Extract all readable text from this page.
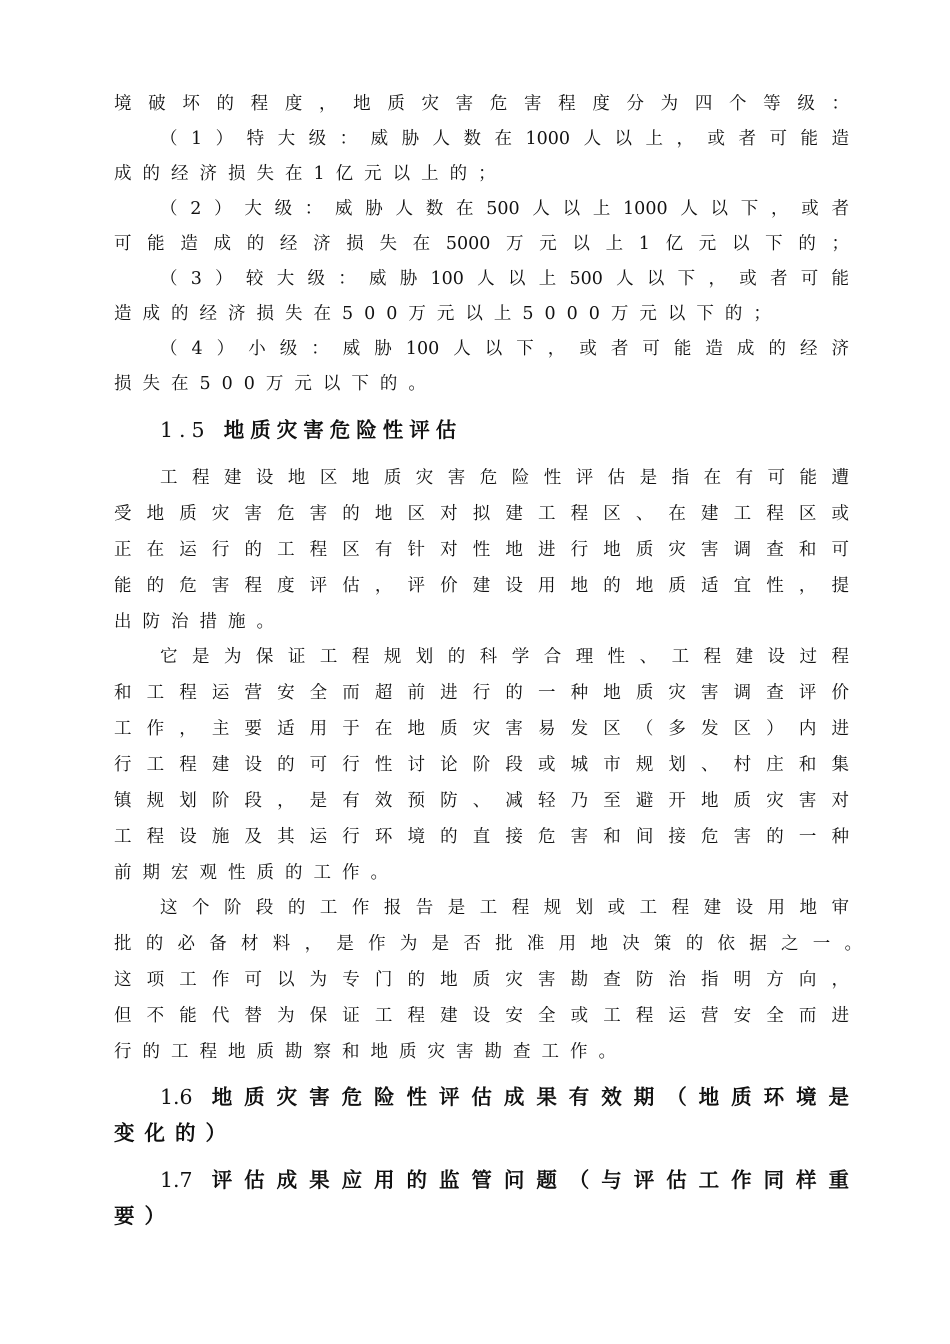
境破坏的程度，地质灾害危害程度分为四个等级：
（1）特大级：威胁人数在1000人以上，或者可能造
成的经济损失在1亿元以上的；
（2）大级：威胁人数在500人以上1000人以下，或者
可能造成的经济损失在5000万元以上1亿元以下的；
（3）较大级：威胁100人以上500人以下，或者可能
造成的经济损失在500万元以上5000万元以下的；
（4）小级：威胁100人以下，或者可能造成的经济
损失在500万元以下的。
1.5 地质灾害危险性评估
工程建设地区地质灾害危险性评估是指在有可能遭
受地质灾害危害的地区对拟建工程区、在建工程区或
正在运行的工程区有针对性地进行地质灾害调查和可
能的危害程度评估，评价建设用地的地质适宜性，提
出防治措施。
它是为保证工程规划的科学合理性、工程建设过程
和工程运营安全而超前进行的一种地质灾害调查评价
工作，主要适用于在地质灾害易发区（多发区）内进
行工程建设的可行性讨论阶段或城市规划、村庄和集
镇规划阶段，是有效预防、减轻乃至避开地质灾害对
工程设施及其运行环境的直接危害和间接危害的一种
前期宏观性质的工作。
这个阶段的工作报告是工程规划或工程建设用地审
批的必备材料，是作为是否批准用地决策的依据之一。
这项工作可以为专门的地质灾害勘查防治指明方向，
但不能代替为保证工程建设安全或工程运营安全而进
行的工程地质勘察和地质灾害勘查工作。
1.6 地质灾害危险性评估成果有效期（地质环境是
变化的）
1.7 评估成果应用的监管问题（与评估工作同样重
要）
